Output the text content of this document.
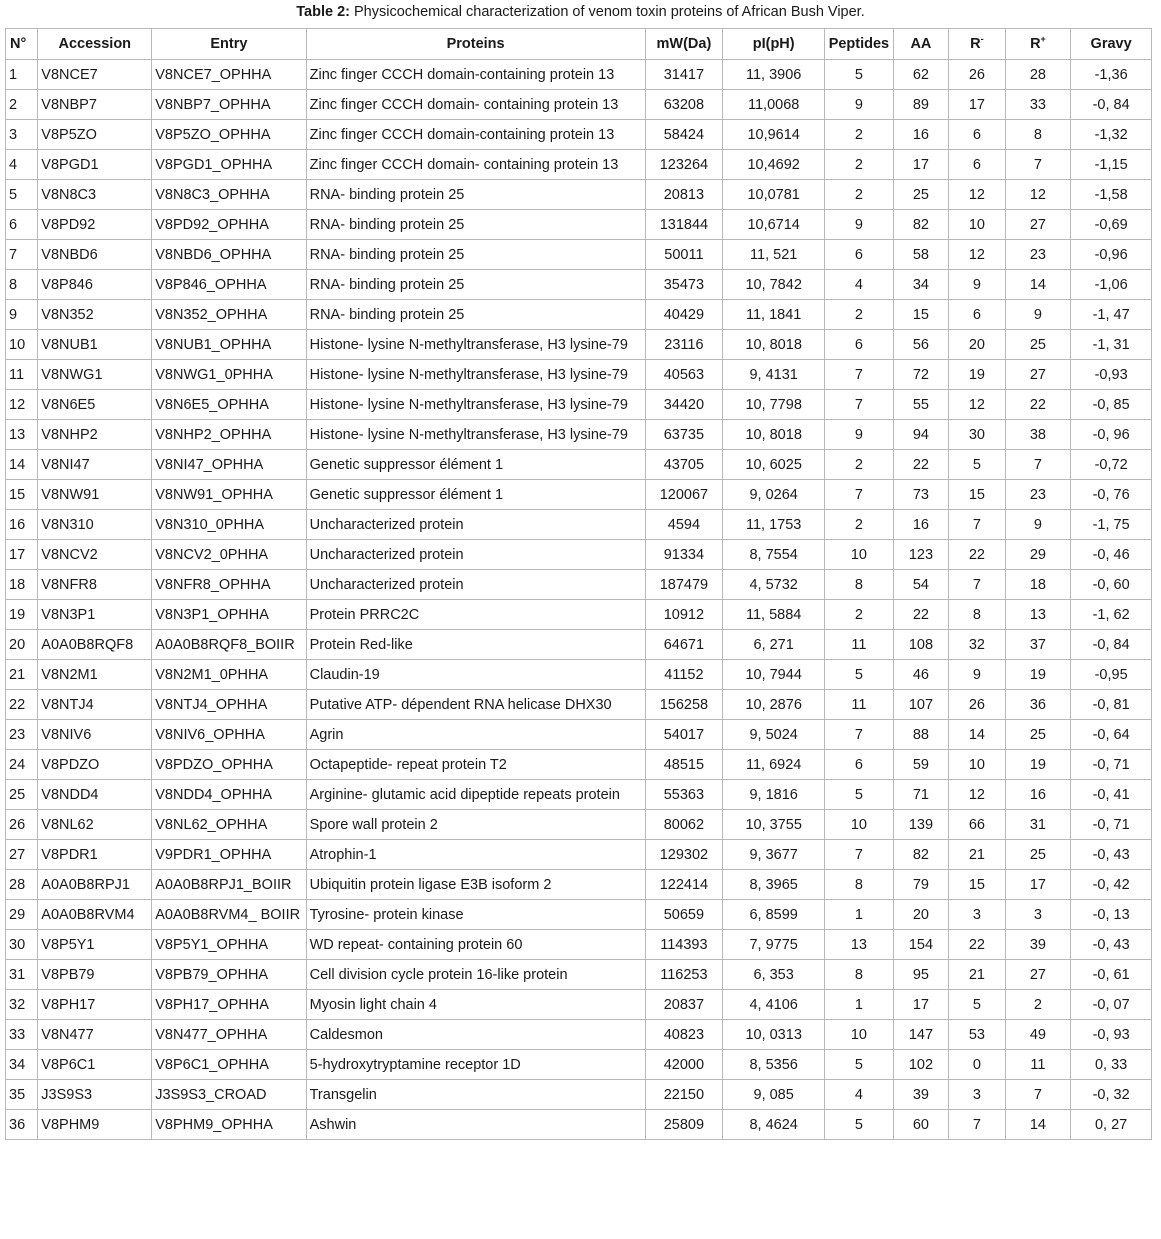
Table 2: Physicochemical characterization of venom toxin proteins of African Bush Viper.
N°	Accession	Entry	Proteins	mW(Da)	pI(pH)	Peptides	AA	R-	R+	Gravy
1	V8NCE7	V8NCE7_OPHHA	Zinc finger CCCH domain-containing protein 13	31417	11, 3906	5	62	26	28	-1,36
2	V8NBP7	V8NBP7_OPHHA	Zinc finger CCCH domain- containing protein 13	63208	11,0068	9	89	17	33	-0, 84
3	V8P5ZO	V8P5ZO_OPHHA	Zinc finger CCCH domain-containing protein 13	58424	10,9614	2	16	6	8	-1,32
4	V8PGD1	V8PGD1_OPHHA	Zinc finger CCCH domain- containing protein 13	123264	10,4692	2	17	6	7	-1,15
5	V8N8C3	V8N8C3_OPHHA	RNA- binding protein 25	20813	10,0781	2	25	12	12	-1,58
6	V8PD92	V8PD92_OPHHA	RNA- binding protein 25	131844	10,6714	9	82	10	27	-0,69
7	V8NBD6	V8NBD6_OPHHA	RNA- binding protein 25	50011	11, 521	6	58	12	23	-0,96
8	V8P846	V8P846_OPHHA	RNA- binding protein 25	35473	10, 7842	4	34	9	14	-1,06
9	V8N352	V8N352_OPHHA	RNA- binding protein 25	40429	11, 1841	2	15	6	9	-1, 47
10	V8NUB1	V8NUB1_OPHHA	Histone- lysine N-methyltransferase, H3 lysine-79	23116	10, 8018	6	56	20	25	-1, 31
11	V8NWG1	V8NWG1_0PHHA	Histone- lysine N-methyltransferase, H3 lysine-79	40563	9, 4131	7	72	19	27	-0,93
12	V8N6E5	V8N6E5_OPHHA	Histone- lysine N-methyltransferase, H3 lysine-79	34420	10, 7798	7	55	12	22	-0, 85
13	V8NHP2	V8NHP2_OPHHA	Histone- lysine N-methyltransferase, H3 lysine-79	63735	10, 8018	9	94	30	38	-0, 96
14	V8NI47	V8NI47_OPHHA	Genetic suppressor élément 1	43705	10, 6025	2	22	5	7	-0,72
15	V8NW91	V8NW91_OPHHA	Genetic suppressor élément 1	120067	9, 0264	7	73	15	23	-0, 76
16	V8N310	V8N310_0PHHA	Uncharacterized protein	4594	11, 1753	2	16	7	9	-1, 75
17	V8NCV2	V8NCV2_0PHHA	Uncharacterized protein	91334	8, 7554	10	123	22	29	-0, 46
18	V8NFR8	V8NFR8_OPHHA	Uncharacterized protein	187479	4, 5732	8	54	7	18	-0, 60
19	V8N3P1	V8N3P1_OPHHA	Protein PRRC2C	10912	11, 5884	2	22	8	13	-1, 62
20	A0A0B8RQF8	A0A0B8RQF8_BOIIR	Protein Red-like	64671	6, 271	11	108	32	37	-0, 84
21	V8N2M1	V8N2M1_0PHHA	Claudin-19	41152	10, 7944	5	46	9	19	-0,95
22	V8NTJ4	V8NTJ4_OPHHA	Putative ATP- dépendent RNA helicase DHX30	156258	10, 2876	11	107	26	36	-0, 81
23	V8NIV6	V8NIV6_OPHHA	Agrin	54017	9, 5024	7	88	14	25	-0, 64
24	V8PDZO	V8PDZO_OPHHA	Octapeptide- repeat protein T2	48515	11, 6924	6	59	10	19	-0, 71
25	V8NDD4	V8NDD4_OPHHA	Arginine- glutamic acid dipeptide repeats protein	55363	9, 1816	5	71	12	16	-0, 41
26	V8NL62	V8NL62_OPHHA	Spore wall protein 2	80062	10, 3755	10	139	66	31	-0, 71
27	V8PDR1	V9PDR1_OPHHA	Atrophin-1	129302	9, 3677	7	82	21	25	-0, 43
28	A0A0B8RPJ1	A0A0B8RPJ1_BOIIR	Ubiquitin protein ligase E3B isoform 2	122414	8, 3965	8	79	15	17	-0, 42
29	A0A0B8RVM4	A0A0B8RVM4_ BOIIR	Tyrosine- protein kinase	50659	6, 8599	1	20	3	3	-0, 13
30	V8P5Y1	V8P5Y1_OPHHA	WD repeat- containing protein 60	114393	7, 9775	13	154	22	39	-0, 43
31	V8PB79	V8PB79_OPHHA	Cell division cycle protein 16-like protein	116253	6, 353	8	95	21	27	-0, 61
32	V8PH17	V8PH17_OPHHA	Myosin light chain 4	20837	4, 4106	1	17	5	2	-0, 07
33	V8N477	V8N477_OPHHA	Caldesmon	40823	10, 0313	10	147	53	49	-0, 93
34	V8P6C1	V8P6C1_OPHHA	5-hydroxytryptamine receptor 1D	42000	8, 5356	5	102	0	11	0, 33
35	J3S9S3	J3S9S3_CROAD	Transgelin	22150	9, 085	4	39	3	7	-0, 32
36	V8PHM9	V8PHM9_OPHHA	Ashwin	25809	8, 4624	5	60	7	14	0, 27
